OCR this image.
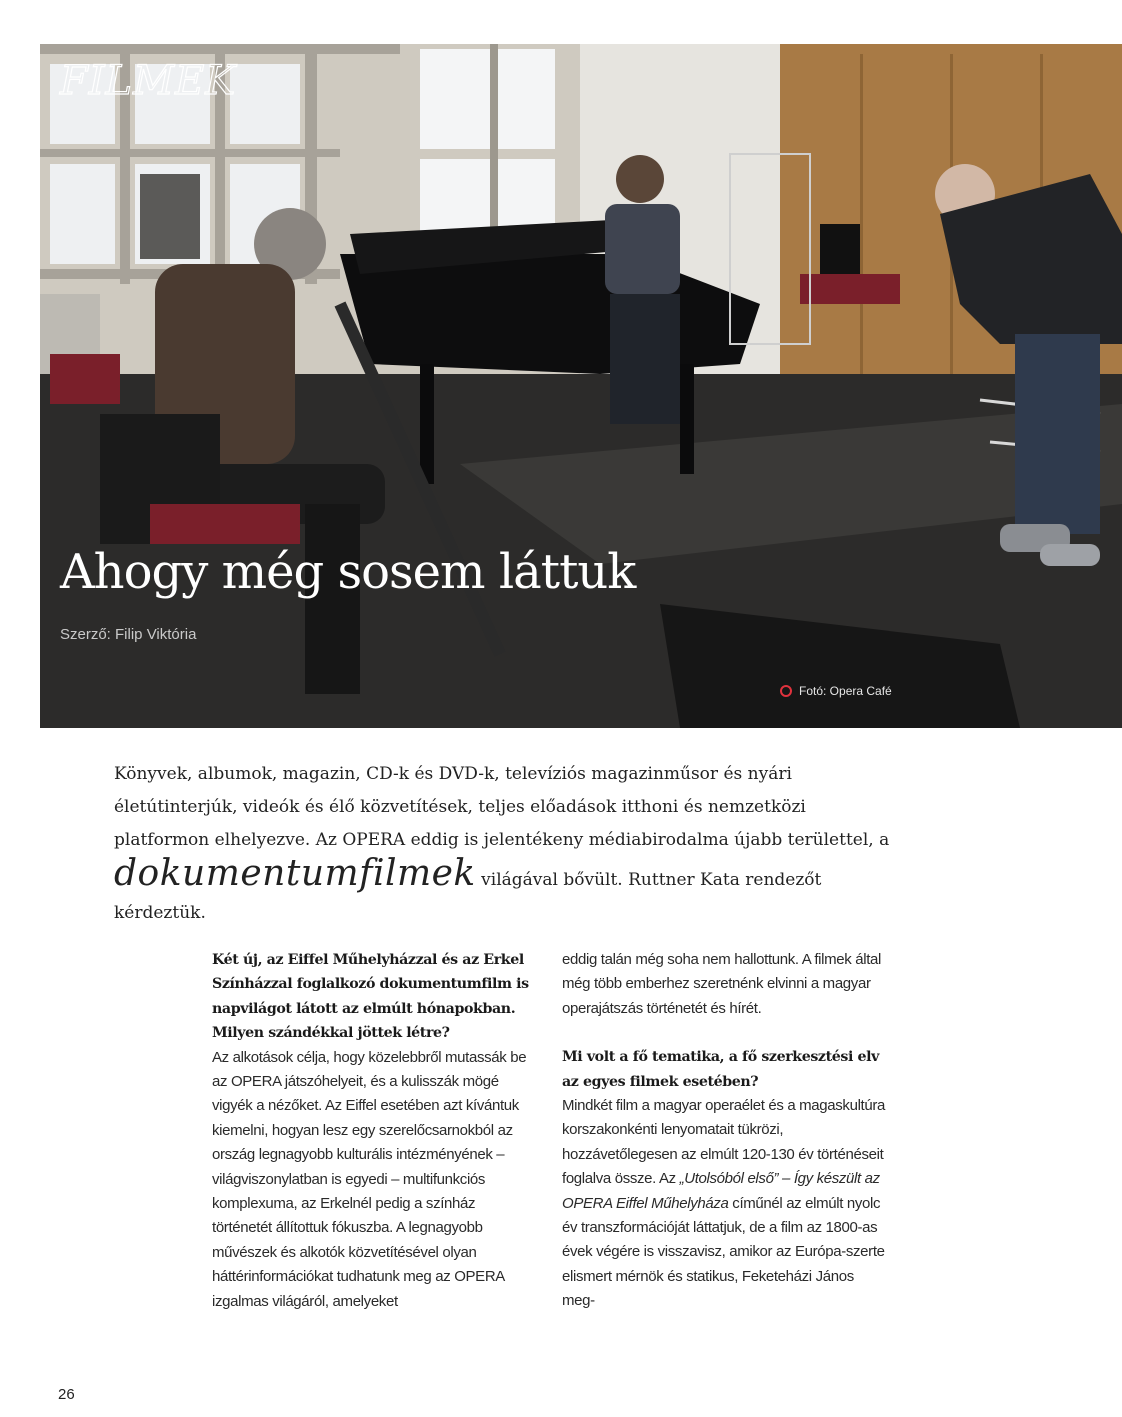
FILMEK
Ahogy még sosem láttuk
Szerző: Filip Viktória
Fotó: Opera Café
Könyvek, albumok, magazin, CD-k és DVD-k, televíziós magazinműsor és nyári életútinterjúk, videók és élő közvetítések, teljes előadások itthoni és nemzetközi platformon elhelyezve. Az OPERA eddig is jelentékeny médiabirodalma újabb területtel, a dokumentumfilmek világával bővült. Ruttner Kata rendezőt kérdeztük.

Két új, az Eiffel Műhelyházzal és az Erkel Színházzal foglalkozó dokumentumfilm is napvilágot látott az elmúlt hónapokban. Milyen szándékkal jöttek létre?

Az alkotások célja, hogy közelebbről mutassák be az OPERA játszóhelyeit, és a kulisszák mögé vigyék a nézőket. Az Eiffel esetében azt kívántuk kiemelni, hogyan lesz egy szerelőcsarnokból az ország legnagyobb kulturális intézményének – világviszonylatban is egyedi – multifunkciós komplexuma, az Erkelnél pedig a színház történetét állítottuk fókuszba. A legnagyobb művészek és alkotók közvetítésével olyan háttérinformációkat tudhatunk meg az OPERA izgalmas világáról, amelyeket

eddig talán még soha nem hallottunk. A filmek által még több emberhez szeretnénk elvinni a magyar operajátszás történetét és hírét.

Mi volt a fő tematika, a fő szerkesztési elv az egyes filmek esetében?

Mindkét film a magyar operaélet és a magaskultúra korszakonkénti lenyomatait tükrözi, hozzávetőlegesen az elmúlt 120-130 év történéseit foglalva össze. Az „Utolsóból első” – Így készült az OPERA Eiffel Műhelyháza címűnél az elmúlt nyolc év transzformációját láttatjuk, de a film az 1800-as évek végére is visszavisz, amikor az Európa-szerte elismert mérnök és statikus, Feketeházi János meg-

26
